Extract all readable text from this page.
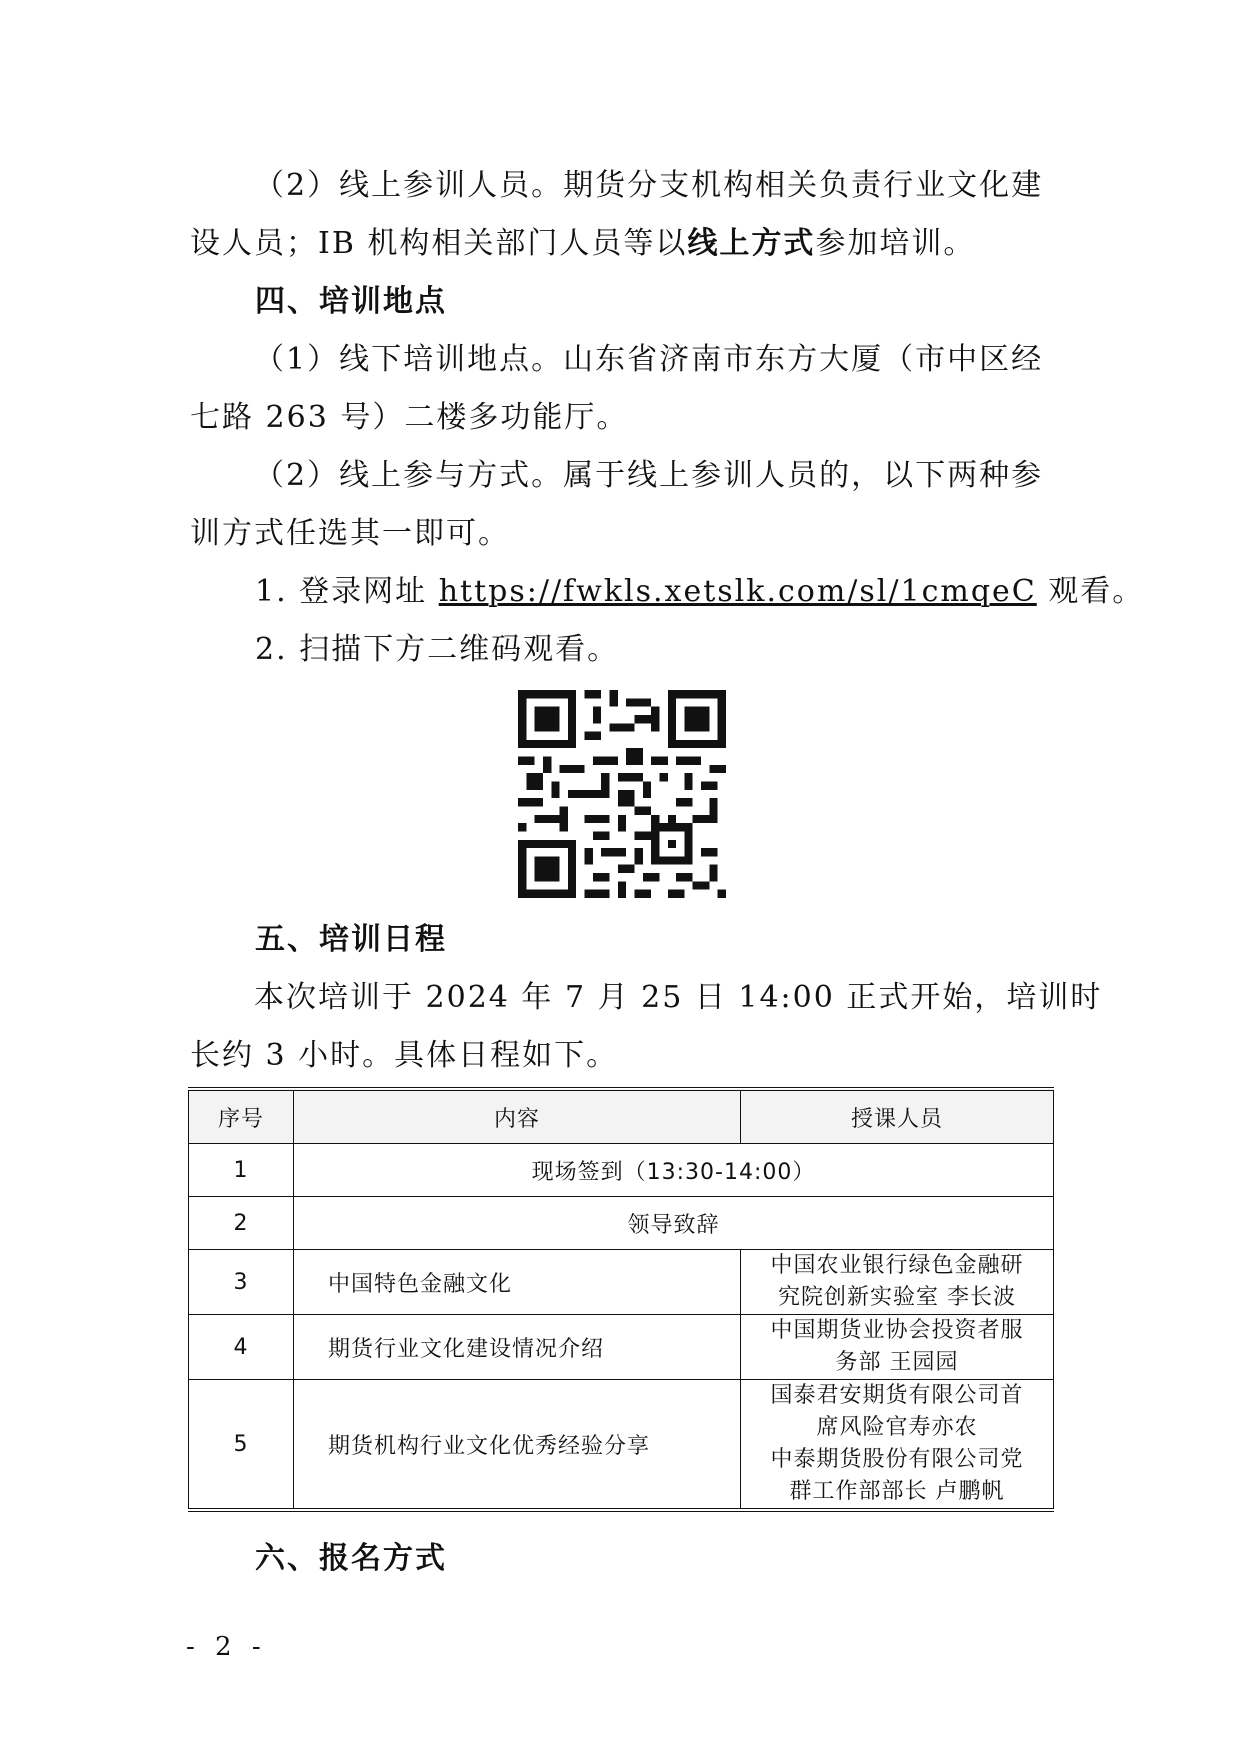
（2）线上参训人员。期货分支机构相关负责行业文化建
设人员；IB 机构相关部门人员等以线上方式参加培训。
四、培训地点
（1）线下培训地点。山东省济南市东方大厦（市中区经
七路 263 号）二楼多功能厅。
（2）线上参与方式。属于线上参训人员的，以下两种参
训方式任选其一即可。
1. 登录网址 https://fwkls.xetslk.com/sl/1cmqeC 观看。
2. 扫描下方二维码观看。
五、培训日程
本次培训于 2024 年 7 月 25 日 14:00 正式开始，培训时
长约 3 小时。具体日程如下。
序号	内容	授课人员
1	现场签到（13:30-14:00）	
2	领导致辞	
3	中国特色金融文化	中国农业银行绿色金融研
究院创新实验室 李长波

4	期货行业文化建设情况介绍	中国期货业协会投资者服
务部 王园园

5	期货机构行业文化优秀经验分享	国泰君安期货有限公司首
席风险官寿亦农
中泰期货股份有限公司党
群工作部部长 卢鹏帆
六、报名方式
- 2 -
